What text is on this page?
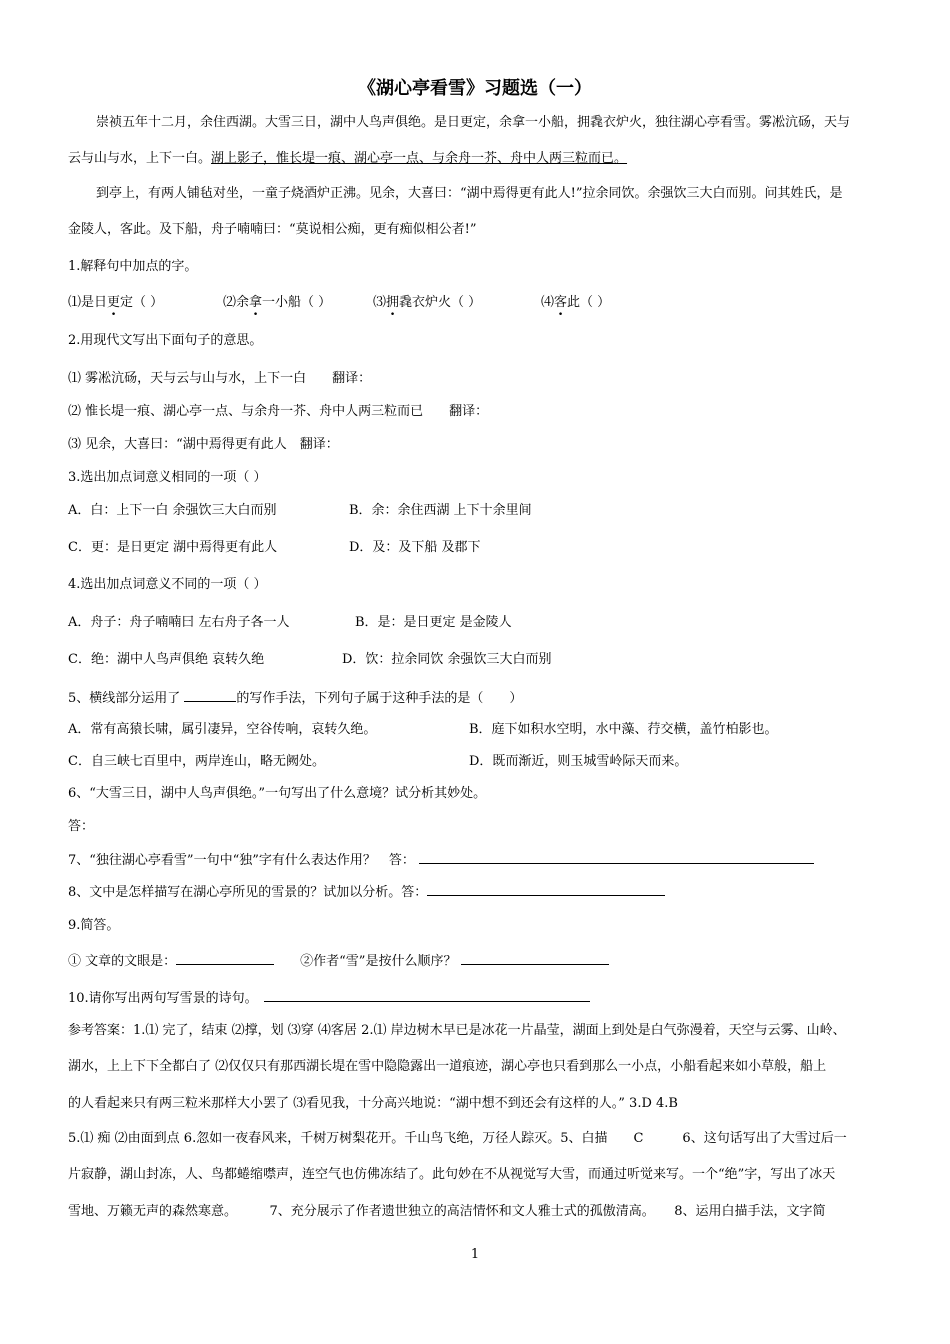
《湖心亭看雪》习题选（一）
崇祯五年十二月，余住西湖。大雪三日，湖中人鸟声俱绝。是日更定，余拿一小船，拥毳衣炉火，独往湖心亭看雪。雾凇沆砀，天与
云与山与水，上下一白。湖上影子，惟长堤一痕、湖心亭一点、与余舟一芥、舟中人两三粒而已。
到亭上，有两人铺毡对坐，一童子烧酒炉正沸。见余，大喜曰：“湖中焉得更有此人!”拉余同饮。余强饮三大白而别。问其姓氏，是
金陵人，客此。及下船，舟子喃喃曰：“莫说相公痴，更有痴似相公者!”
1.解释句中加点的字。
⑴是日更定（ ）	⑵余拿一小船（ ）	⑶拥毳衣炉火（ ）	⑷客此（ ）
2.用现代文写出下面句子的意思。
⑴ 雾凇沆砀，天与云与山与水，上下一白　　 翻译：
⑵ 惟长堤一痕、湖心亭一点、与余舟一芥、舟中人两三粒而已　　 翻译：
⑶ 见余，大喜曰：“湖中焉得更有此人　 翻译：
3.选出加点词意义相同的一项（ ）
A．白：上下一白 余强饮三大白而别	B．余：余住西湖 上下十余里间
C．更：是日更定 湖中焉得更有此人	D．及：及下船 及郡下
4.选出加点词意义不同的一项（ ）
A．舟子：舟子喃喃曰 左右舟子各一人	B．是：是日更定 是金陵人
C．绝：湖中人鸟声俱绝 哀转久绝	D．饮：拉余同饮 余强饮三大白而别
5、横线部分运用了	的写作手法，下列句子属于这种手法的是（　　）
A．常有高猿长啸，属引凄异，空谷传响，哀转久绝。	B．庭下如积水空明，水中藻、荇交横，盖竹柏影也。
C．自三峡七百里中，两岸连山，略无阙处。	D．既而渐近，则玉城雪岭际天而来。
6、“大雪三日，湖中人鸟声俱绝。”一句写出了什么意境？试分析其妙处。
答：
7、“独往湖心亭看雪”一句中“独”字有什么表达作用？　 答：
8、文中是怎样描写在湖心亭所见的雪景的？试加以分析。答：
9.简答。
① 文章的文眼是：　　	②作者“雪”是按什么顺序？
10.请你写出两句写雪景的诗句。　
参考答案：1.⑴ 完了，结束 ⑵撑，划 ⑶穿 ⑷客居 2.⑴ 岸边树木早已是冰花一片晶莹，湖面上到处是白气弥漫着，天空与云雾、山岭、
湖水，上上下下全都白了 ⑵仅仅只有那西湖长堤在雪中隐隐露出一道痕迹，湖心亭也只看到那么一小点，小船看起来如小草般，船上
的人看起来只有两三粒米那样大小罢了 ⑶看见我，十分高兴地说：“湖中想不到还会有这样的人。” 3.D 4.B
5.⑴ 痴 ⑵由面到点 6.忽如一夜春风来，千树万树梨花开。千山鸟飞绝，万径人踪灭。5、白描　　C　　　6、这句话写出了大雪过后一
片寂静，湖山封冻，人、鸟都蜷缩噤声，连空气也仿佛冻结了。此句妙在不从视觉写大雪，而通过听觉来写。一个“绝”字，写出了冰天
雪地、万籁无声的森然寒意。　　　7、充分展示了作者遗世独立的高洁情怀和文人雅士式的孤傲清高。　　8、运用白描手法，文字简
1
